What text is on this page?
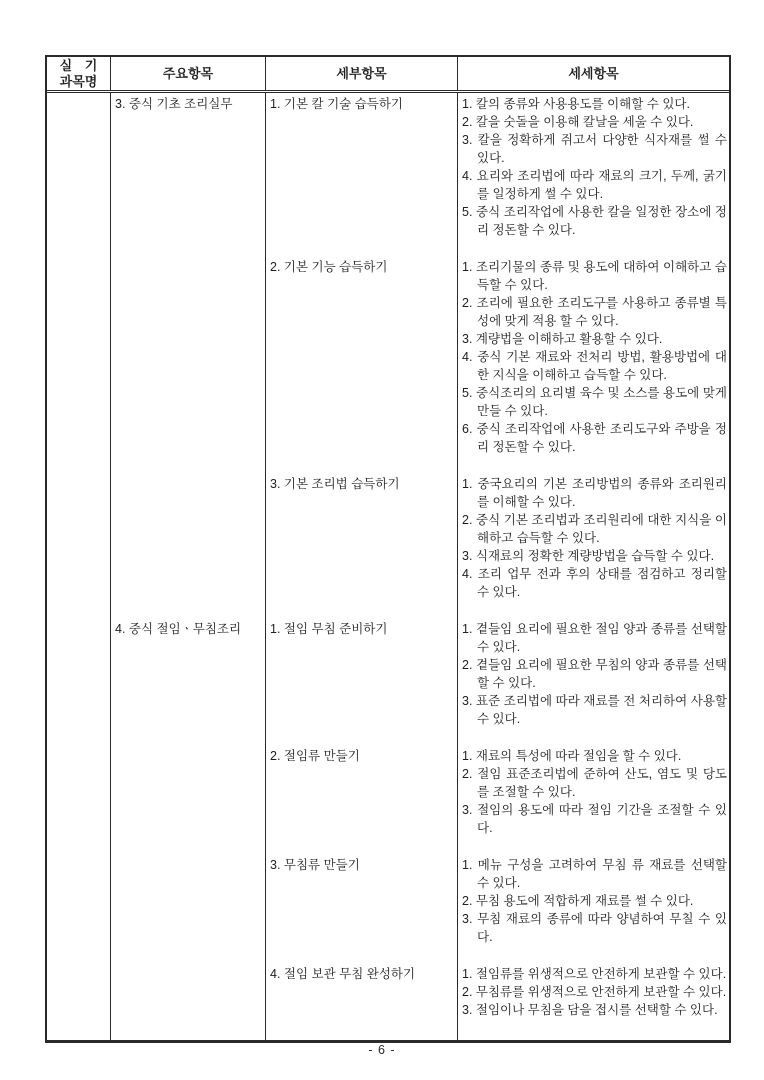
실 기
과목명
주요항목	세부항목	세세항목
3. 중식 기초 조리실무	1. 기본 칼 기술 습득하기	1. 칼의 종류와 사용용도를 이해할 수 있다.
2. 칼을 숫돌을 이용해 칼날을 세울 수 있다.
3. 칼을 정확하게 쥐고서 다양한 식자재를 썰 수 있다.
4. 요리와 조리법에 따라 재료의 크기, 두께, 굵기를 일정하게 썰 수 있다.
5. 중식 조리작업에 사용한 칼을 일정한 장소에 정리 정돈할 수 있다.
2. 기본 기능 습득하기	1. 조리기물의 종류 및 용도에 대하여 이해하고 습득할 수 있다.
2. 조리에 필요한 조리도구를 사용하고 종류별 특성에 맞게 적용 할 수 있다.
3. 계량법을 이해하고 활용할 수 있다.
4. 중식 기본 재료와 전처리 방법, 활용방법에 대한 지식을 이해하고 습득할 수 있다.
5. 중식조리의 요리별 육수 및 소스를 용도에 맞게 만들 수 있다.
6. 중식 조리작업에 사용한 조리도구와 주방을 정리 정돈할 수 있다.
3. 기본 조리법 습득하기	1. 중국요리의 기본 조리방법의 종류와 조리원리를 이해할 수 있다.
2. 중식 기본 조리법과 조리원리에 대한 지식을 이해하고 습득할 수 있다.
3. 식재료의 정확한 계량방법을 습득할 수 있다.
4. 조리 업무 전과 후의 상태를 점검하고 정리할 수 있다.
4. 중식 절임ㆍ무침조리	1. 절임 무침 준비하기	1. 곁들임 요리에 필요한 절임 양과 종류를 선택할 수 있다.
2. 곁들임 요리에 필요한 무침의 양과 종류를 선택할 수 있다.
3. 표준 조리법에 따라 재료를 전 처리하여 사용할 수 있다.
2. 절임류 만들기	1. 재료의 특성에 따라 절임을 할 수 있다.
2. 절임 표준조리법에 준하여 산도, 염도 및 당도를 조절할 수 있다.
3. 절임의 용도에 따라 절임 기간을 조절할 수 있다.
3. 무침류 만들기	1. 메뉴 구성을 고려하여 무침 류 재료를 선택할 수 있다.
2. 무침 용도에 적합하게 재료를 썰 수 있다.
3. 무침 재료의 종류에 따라 양념하여 무칠 수 있다.
4. 절임 보관 무침 완성하기	1. 절임류를 위생적으로 안전하게 보관할 수 있다.
2. 무침류를 위생적으로 안전하게 보관할 수 있다.
3. 절임이나 무침을 담을 접시를 선택할 수 있다.
- 6 -
